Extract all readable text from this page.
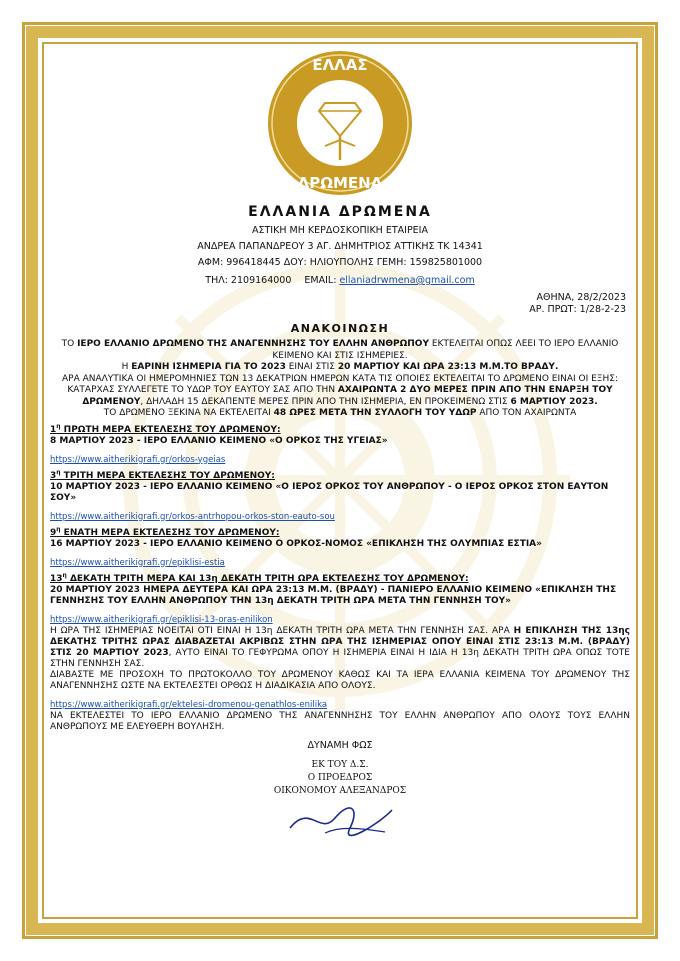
ΕΛΛΑΣ
ΔΡΩΜΕΝΑ
ΕΛΛΑΝΙΑ ΔΡΩΜΕΝΑ
ΑΣΤΙΚΗ ΜΗ ΚΕΡΔΟΣΚΟΠΙΚΗ ΕΤΑΙΡΕΙΑ
ΑΝΔΡΕΑ ΠΑΠΑΝΔΡΕΟΥ 3 ΑΓ. ΔΗΜΗΤΡΙΟΣ ΑΤΤΙΚΗΣ ΤΚ 14341
ΑΦΜ: 996418445 ΔΟΥ: ΗΛΙΟΥΠΟΛΗΣ ΓΕΜΗ: 159825801000
ΤΗΛ: 2109164000 EMAIL: ellaniadrwmena@gmail.com
ΑΘΗΝΑ, 28/2/2023
ΑΡ. ΠΡΩΤ: 1/28-2-23
ΑΝΑΚΟΙΝΩΣΗ
ΤΟ ΙΕΡΟ ΕΛΛΑΝΙΟ ΔΡΩΜΕΝΟ ΤΗΣ ΑΝΑΓΕΝΝΗΣΗΣ ΤΟΥ ΕΛΛΗΝ ΑΝΘΡΩΠΟΥ ΕΚΤΕΛΕΙΤΑΙ ΟΠΩΣ ΛΕΕΙ ΤΟ ΙΕΡΟ ΕΛΛΑΝΙΟ ΚΕΙΜΕΝΟ ΚΑΙ ΣΤΙΣ ΙΣΗΜΕΡΙΕΣ.
Η ΕΑΡΙΝΗ ΙΣΗΜΕΡΙΑ ΓΙΑ ΤΟ 2023 ΕΙΝΑΙ ΣΤΙΣ 20 ΜΑΡΤΙΟΥ ΚΑΙ ΩΡΑ 23:13 Μ.Μ.ΤΟ ΒΡΑΔΥ.
ΑΡΑ ΑΝΑΛΥΤΙΚΑ ΟΙ ΗΜΕΡΟΜΗΝΙΕΣ ΤΩΝ 13 ΔΕΚΑΤΡΙΩΝ ΗΜΕΡΩΝ ΚΑΤΑ ΤΙΣ ΟΠΟΙΕΣ ΕΚΤΕΛΕΙΤΑΙ ΤΟ ΔΡΩΜΕΝΟ ΕΙΝΑΙ ΟΙ ΕΞΗΣ:
ΚΑΤΑΡΧΑΣ ΣΥΛΛΕΓΕΤΕ ΤΟ ΥΔΩΡ ΤΟΥ ΕΑΥΤΟΥ ΣΑΣ ΑΠΟ ΤΗΝ ΑΧΑΙΡΩΝΤΑ 2 ΔΥΟ ΜΕΡΕΣ ΠΡΙΝ ΑΠΟ ΤΗΝ ΕΝΑΡΞΗ ΤΟΥ ΔΡΩΜΕΝΟΥ, ΔΗΛΑΔΗ 15 ΔΕΚΑΠΕΝΤΕ ΜΕΡΕΣ ΠΡΙΝ ΑΠΟ ΤΗΝ ΙΣΗΜΕΡΙΑ, ΕΝ ΠΡΟΚΕΙΜΕΝΩ ΣΤΙΣ 6 ΜΑΡΤΙΟΥ 2023.
ΤΟ ΔΡΩΜΕΝΟ ΞΕΚΙΝΑ ΝΑ ΕΚΤΕΛΕΙΤΑΙ 48 ΩΡΕΣ ΜΕΤΑ ΤΗΝ ΣΥΛΛΟΓΗ ΤΟΥ ΥΔΩΡ ΑΠΟ ΤΟΝ ΑΧΑΙΡΩΝΤΑ
$1^\eta$ ΠΡΩΤΗ ΜΕΡΑ ΕΚΤΕΛΕΣΗΣ ΤΟΥ ΔΡΩΜΕΝΟΥ:
8 ΜΑΡΤΙΟΥ 2023 - ΙΕΡΟ ΕΛΛΑΝΙΟ ΚΕΙΜΕΝΟ «Ο ΟΡΚΟΣ ΤΗΣ ΥΓΕΙΑΣ»
https://www.aitherikigrafi.gr/orkos-ygeias
$3^\eta$ ΤΡΙΤΗ ΜΕΡΑ ΕΚΤΕΛΕΣΗΣ ΤΟΥ ΔΡΩΜΕΝΟΥ:
10 ΜΑΡΤΙΟΥ 2023 - ΙΕΡΟ ΕΛΛΑΝΙΟ ΚΕΙΜΕΝΟ «Ο ΙΕΡΟΣ ΟΡΚΟΣ ΤΟΥ ΑΝΘΡΩΠΟΥ - Ο ΙΕΡΟΣ ΟΡΚΟΣ ΣΤΟΝ ΕΑΥΤΟΝ ΣΟΥ»
https://www.aitherikigrafi.gr/orkos-antrhopou-orkos-ston-eauto-sou
$9^\eta$ ΕΝΑΤΗ ΜΕΡΑ ΕΚΤΕΛΕΣΗΣ ΤΟΥ ΔΡΩΜΕΝΟΥ:
16 ΜΑΡΤΙΟΥ 2023 - ΙΕΡΟ ΕΛΛΑΝΙΟ ΚΕΙΜΕΝΟ Ο ΟΡΚΟΣ-ΝΟΜΟΣ «ΕΠΙΚΛΗΣΗ ΤΗΣ ΟΛΥΜΠΙΑΣ ΕΣΤΙΑ»
https://www.aitherikigrafi.gr/epiklisi-estia
$13^\eta$ ΔΕΚΑΤΗ ΤΡΙΤΗ ΜΕΡΑ ΚΑΙ 13η ΔΕΚΑΤΗ ΤΡΙΤΗ ΩΡΑ ΕΚΤΕΛΕΣΗΣ ΤΟΥ ΔΡΩΜΕΝΟΥ:
20 ΜΑΡΤΙΟΥ 2023 ΗΜΕΡΑ ΔΕΥΤΕΡΑ ΚΑΙ ΩΡΑ 23:13 Μ.Μ. (ΒΡΑΔΥ) - ΠΑΝΙΕΡΟ ΕΛΛΑΝΙΟ ΚΕΙΜΕΝΟ «ΕΠΙΚΛΗΣΗ ΤΗΣ ΓΕΝΝΗΣΗΣ ΤΟΥ ΕΛΛΗΝ ΑΝΘΡΩΠΟΥ ΤΗΝ 13η ΔΕΚΑΤΗ ΤΡΙΤΗ ΩΡΑ ΜΕΤΑ ΤΗΝ ΓΕΝΝΗΣΗ ΤΟΥ»
https://www.aitherikigrafi.gr/epiklisi-13-oras-enilikon
Η ΩΡΑ ΤΗΣ ΙΣΗΜΕΡΙΑΣ ΝΟΕΙΤΑΙ ΟΤΙ ΕΙΝΑΙ Η 13η ΔΕΚΑΤΗ ΤΡΙΤΗ ΩΡΑ ΜΕΤΑ ΤΗΝ ΓΕΝΝΗΣΗ ΣΑΣ. ΑΡΑ Η ΕΠΙΚΛΗΣΗ ΤΗΣ 13ης ΔΕΚΑΤΗΣ ΤΡΙΤΗΣ ΩΡΑΣ ΔΙΑΒΑΖΕΤΑΙ ΑΚΡΙΒΩΣ ΣΤΗΝ ΩΡΑ ΤΗΣ ΙΣΗΜΕΡΙΑΣ ΟΠΟΥ ΕΙΝΑΙ ΣΤΙΣ 23:13 Μ.Μ. (ΒΡΑΔΥ) ΣΤΙΣ 20 ΜΑΡΤΙΟΥ 2023, ΑΥΤΟ ΕΙΝΑΙ ΤΟ ΓΕΦΥΡΩΜΑ ΟΠΟΥ Η ΙΣΗΜΕΡΙΑ ΕΙΝΑΙ Η ΙΔΙΑ Η 13η ΔΕΚΑΤΗ ΤΡΙΤΗ ΩΡΑ ΟΠΩΣ ΤΟΤΕ ΣΤΗΝ ΓΕΝΝΗΣΗ ΣΑΣ.
ΔΙΑΒΑΣΤΕ ΜΕ ΠΡΟΣΟΧΗ ΤΟ ΠΡΩΤΟΚΟΛΛΟ ΤΟΥ ΔΡΩΜΕΝΟΥ ΚΑΘΩΣ ΚΑΙ ΤΑ ΙΕΡΑ ΕΛΛΑΝΙΑ ΚΕΙΜΕΝΑ ΤΟΥ ΔΡΩΜΕΝΟΥ ΤΗΣ ΑΝΑΓΕΝΝΗΣΗΣ ΩΣΤΕ ΝΑ ΕΚΤΕΛΕΣΤΕΙ ΟΡΘΩΣ Η ΔΙΑΔΙΚΑΣΙΑ ΑΠΟ ΟΛΟΥΣ.
https://www.aitherikigrafi.gr/ektelesi-dromenou-genathlos-enilika
ΝΑ ΕΚΤΕΛΕΣΤΕΙ ΤΟ ΙΕΡΟ ΕΛΛΑΝΙΟ ΔΡΩΜΕΝΟ ΤΗΣ ΑΝΑΓΕΝΝΗΣΗΣ ΤΟΥ ΕΛΛΗΝ ΑΝΘΡΩΠΟΥ ΑΠΟ ΟΛΟΥΣ ΤΟΥΣ ΕΛΛΗΝ ΑΝΘΡΩΠΟΥΣ ΜΕ ΕΛΕΥΘΕΡΗ ΒΟΥΛΗΣΗ.
ΔΥΝΑΜΗ ΦΩΣ
ΕΚ ΤΟΥ Δ.Σ.
Ο ΠΡΟΕΔΡΟΣ
ΟΙΚΟΝΟΜΟΥ ΑΛΕΞΑΝΔΡΟΣ
